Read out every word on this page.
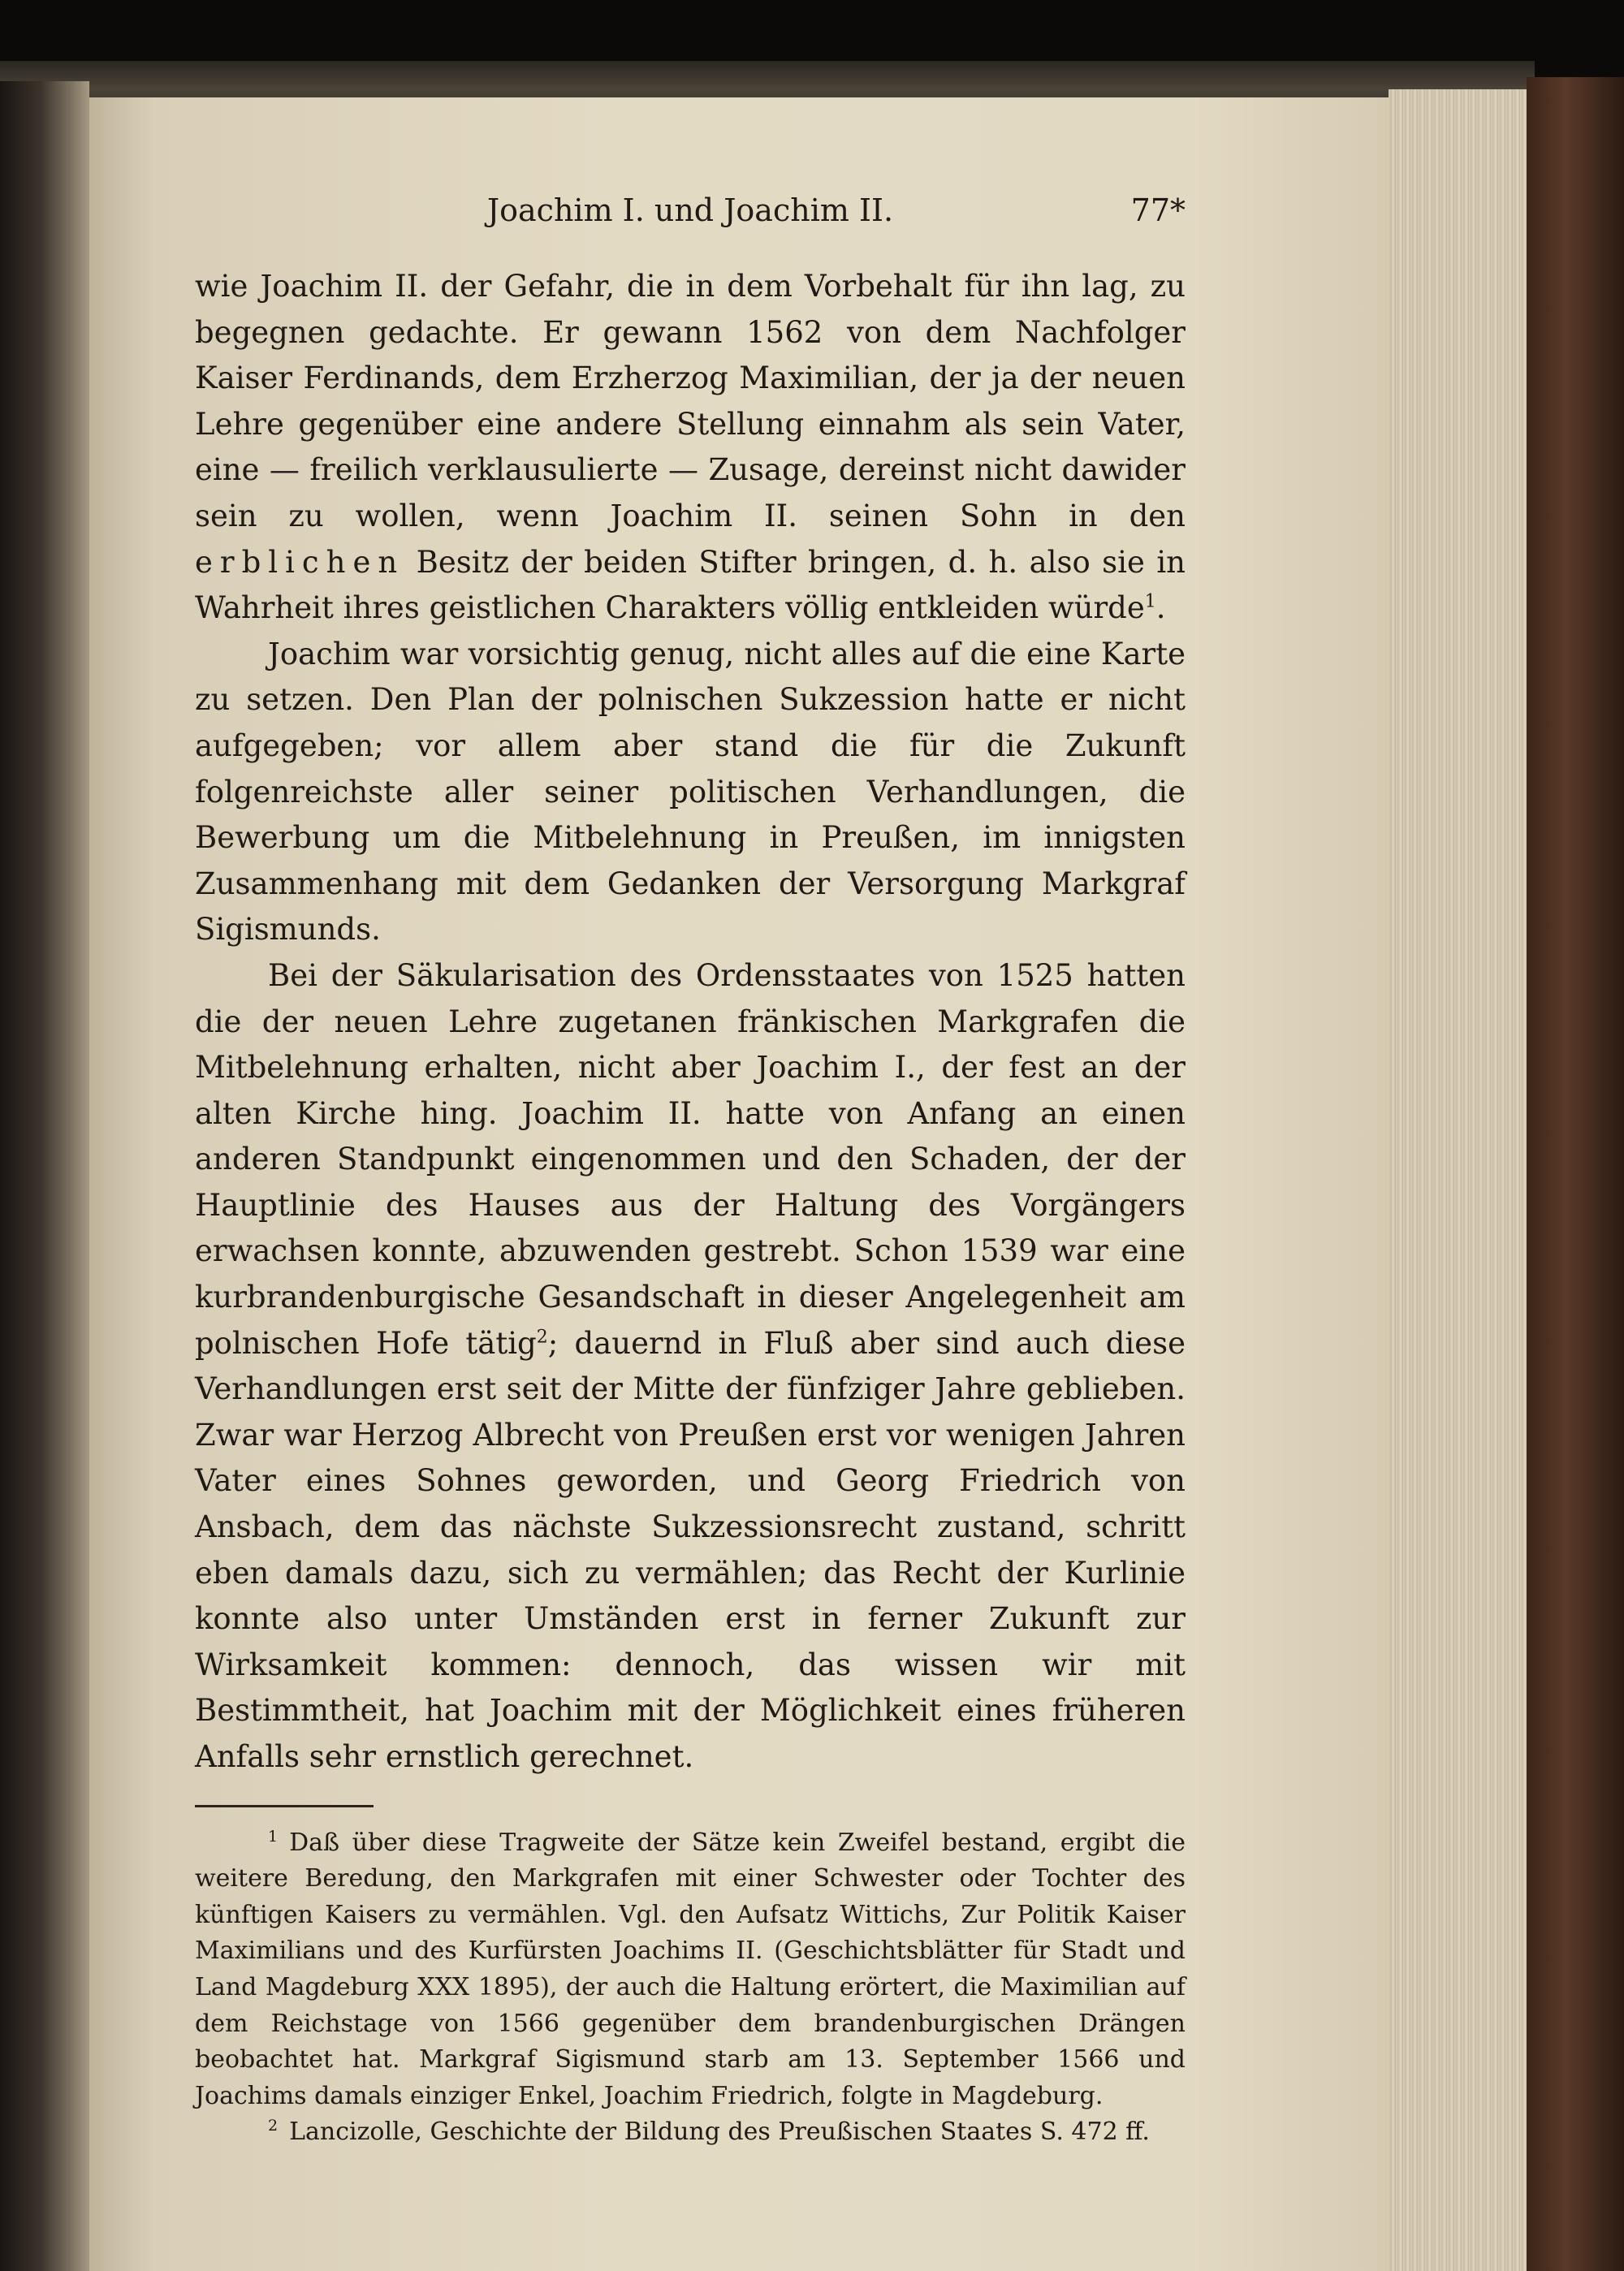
Joachim I. und Joachim II.	77*

wie Joachim II. der Gefahr, die in dem Vorbehalt für ihn lag, zu begegnen gedachte. Er gewann 1562 von dem Nachfolger Kaiser Ferdinands, dem Erzherzog Maximilian, der ja der neuen Lehre gegenüber eine andere Stellung einnahm als sein Vater, eine — freilich verklausulierte — Zusage, dereinst nicht dawider sein zu wollen, wenn Joachim II. seinen Sohn in den erblichen Besitz der beiden Stifter bringen, d. h. also sie in Wahrheit ihres geistlichen Charakters völlig entkleiden würde$^1$.

Joachim war vorsichtig genug, nicht alles auf die eine Karte zu setzen. Den Plan der polnischen Sukzession hatte er nicht aufgegeben; vor allem aber stand die für die Zukunft folgenreichste aller seiner politischen Verhandlungen, die Bewerbung um die Mitbelehnung in Preußen, im innigsten Zusammenhang mit dem Gedanken der Versorgung Markgraf Sigismunds.

Bei der Säkularisation des Ordensstaates von 1525 hatten die der neuen Lehre zugetanen fränkischen Markgrafen die Mitbelehnung erhalten, nicht aber Joachim I., der fest an der alten Kirche hing. Joachim II. hatte von Anfang an einen anderen Standpunkt eingenommen und den Schaden, der der Hauptlinie des Hauses aus der Haltung des Vorgängers erwachsen konnte, abzuwenden gestrebt. Schon 1539 war eine kurbrandenburgische Gesandschaft in dieser Angelegenheit am polnischen Hofe tätig$^2$; dauernd in Fluß aber sind auch diese Verhandlungen erst seit der Mitte der fünfziger Jahre geblieben. Zwar war Herzog Albrecht von Preußen erst vor wenigen Jahren Vater eines Sohnes geworden, und Georg Friedrich von Ansbach, dem das nächste Sukzessionsrecht zustand, schritt eben damals dazu, sich zu vermählen; das Recht der Kurlinie konnte also unter Umständen erst in ferner Zukunft zur Wirksamkeit kommen: dennoch, das wissen wir mit Bestimmtheit, hat Joachim mit der Möglichkeit eines früheren Anfalls sehr ernstlich gerechnet.

$^1$ Daß über diese Tragweite der Sätze kein Zweifel bestand, ergibt die weitere Beredung, den Markgrafen mit einer Schwester oder Tochter des künftigen Kaisers zu vermählen. Vgl. den Aufsatz Wittichs, Zur Politik Kaiser Maximilians und des Kurfürsten Joachims II. (Geschichtsblätter für Stadt und Land Magdeburg XXX 1895), der auch die Haltung erörtert, die Maximilian auf dem Reichstage von 1566 gegenüber dem brandenburgischen Drängen beobachtet hat. Markgraf Sigismund starb am 13. September 1566 und Joachims damals einziger Enkel, Joachim Friedrich, folgte in Magdeburg.

$^2$ Lancizolle, Geschichte der Bildung des Preußischen Staates S. 472 ff.
